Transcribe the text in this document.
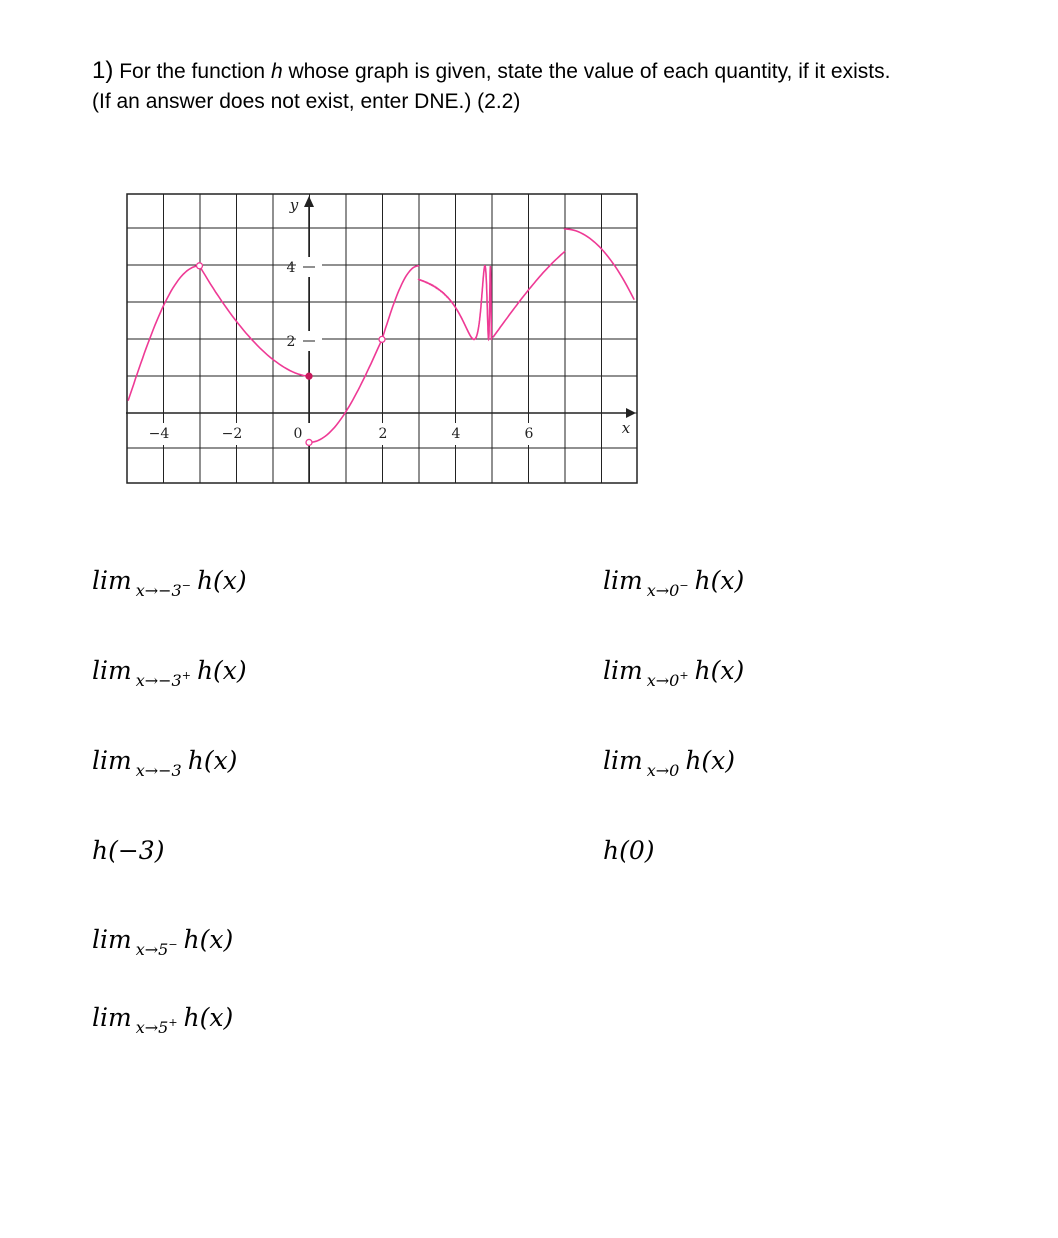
1) For the function h whose graph is given, state the value of each quantity, if it exists.
(If an answer does not exist, enter DNE.) (2.2)
−4	−2	0	2	4	6
4
2
x
y
lim $_{x\to-3^-}$ h(x)
lim $_{x\to-3^+}$ h(x)
lim $_{x\to-3}$ h(x)
h(−3)
lim $_{x\to 5^-}$ h(x)
lim $_{x\to 5^+}$ h(x)
lim $_{x\to 0^-}$ h(x)
lim $_{x\to 0^+}$ h(x)
lim $_{x\to 0}$ h(x)
h(0)
